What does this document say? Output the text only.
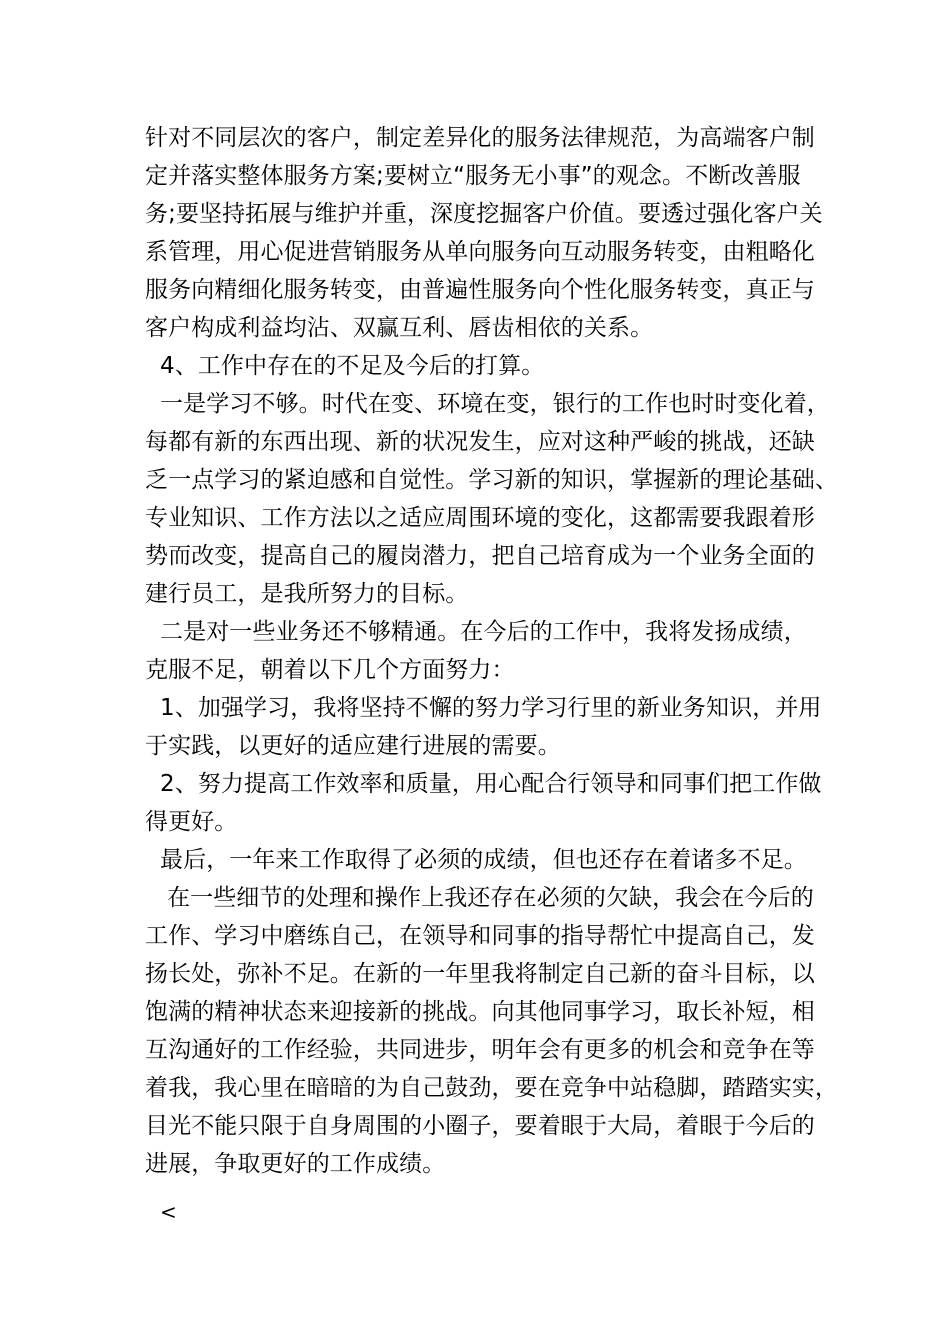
针对不同层次的客户，制定差异化的服务法律规范，为高端客户制
定并落实整体服务方案;要树立“服务无小事”的观念。不断改善服
务;要坚持拓展与维护并重，深度挖掘客户价值。要透过强化客户关
系管理，用心促进营销服务从单向服务向互动服务转变，由粗略化
服务向精细化服务转变，由普遍性服务向个性化服务转变，真正与
客户构成利益均沾、双赢互利、唇齿相依的关系。
4、工作中存在的不足及今后的打算。
一是学习不够。时代在变、环境在变，银行的工作也时时变化着，
每都有新的东西出现、新的状况发生，应对这种严峻的挑战，还缺
乏一点学习的紧迫感和自觉性。学习新的知识，掌握新的理论基础、
专业知识、工作方法以之适应周围环境的变化，这都需要我跟着形
势而改变，提高自己的履岗潜力，把自己培育成为一个业务全面的
建行员工，是我所努力的目标。
二是对一些业务还不够精通。在今后的工作中，我将发扬成绩，
克服不足，朝着以下几个方面努力：
1、加强学习，我将坚持不懈的努力学习行里的新业务知识，并用
于实践，以更好的适应建行进展的需要。
2、努力提高工作效率和质量，用心配合行领导和同事们把工作做
得更好。
最后，一年来工作取得了必须的成绩，但也还存在着诸多不足。
在一些细节的处理和操作上我还存在必须的欠缺，我会在今后的
工作、学习中磨练自己，在领导和同事的指导帮忙中提高自己，发
扬长处，弥补不足。在新的一年里我将制定自己新的奋斗目标，以
饱满的精神状态来迎接新的挑战。向其他同事学习，取长补短，相
互沟通好的工作经验，共同进步，明年会有更多的机会和竞争在等
着我，我心里在暗暗的为自己鼓劲，要在竞争中站稳脚，踏踏实实，
目光不能只限于自身周围的小圈子，要着眼于大局，着眼于今后的
进展，争取更好的工作成绩。
<
